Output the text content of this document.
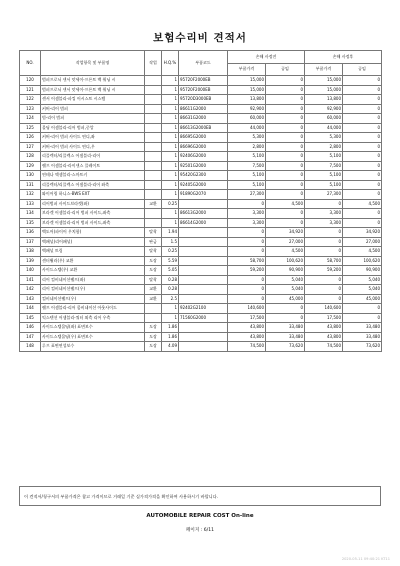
보험수리비 견적서
NO.	작업항목 및 부품명	작업	H.Q.%	부품코드	손해 사정전		손해 사정후	
					부품가격	공임	부품가격	공임
120	범퍼프로닉 센서 앗세이-프론트 백 워닝 시		1	95720F2000EB	15,000	0	15,000	0
121	범퍼프로닉 센서 앗세이-프론트 백 워닝 시		1	95720F2000EB	15,000	0	15,000	0
122	센서 어셈블리-파킹 어시스트 시스템		1	95720D3000EB	13,800	0	13,800	0
123	커버-리어 범퍼		1	86611G2000	92,900	0	92,900	0
124	빔-리어 범퍼		1	86631G2000	60,000	0	60,000	0
125	몰딩 어셈블리-리어 범퍼,중앙		1	86613G2000EB	44,000	0	44,000	0
126	커버-리어 범퍼 사이드 연디,좌		1	86695G2000	5,300	0	5,300	0
127	커버-리어 범퍼 사이드 연디,우		1	86696G2000	2,800	0	2,800	0
128	리플렉터/리플렉스 어셈블리-리어		1	92406G2000	5,100	0	5,100	0
129	램프 어셈블리-라이센스 플레이트		1	92501G2000	7,500	0	7,500	0
130	연테나 액셈블리-스마트키		1	95420G2300	5,100	0	5,100	0
131	리플렉터/리플렉스 어셈블리-리어 좌측		1	92405G2000	5,100	0	5,100	0
132	와이어링 하니스-BWS EXT		1	91890G2070	27,300	0	27,300	0
133	리어범퍼 사이드브라켓(좌)	교환	0.25		0	4,500	0	4,500
134	브라켓 어셈블리-리어 범퍼 사이드,좌측		1	86613G2000	3,300	0	3,300	0
135	브라켓 어셈블리-리어 범퍼 사이드,좌측		1	86614G2000	3,300	0	3,300	0
136	백도어(파이어 우치함)	탈착	1.94		0	34,920	0	34,920
137	백패널(리어패널)	판금	1.5		0	27,000	0	27,000
138	백패널 트림	탈착	0.25		0	4,500	0	4,500
139	센터휠러(우) 교환	도장	5.59		58,700	100,620	58,700	100,620
140	사이드스텝(우) 교환	도장	5.05		59,200	90,900	59,200	90,900
141	리어 컴비네이션램프(좌)	탈착	0.28		0	5,040	0	5,040
142	리어 컴비네이션램프(우)	교환	0.28		0	5,040	0	5,040
143	컴비네이션램프(우)	교환	2.5		0	45,000	0	45,000
144	램프 어셈블리-리어 콤비네이션 아웃사이드		1	92402G2100	140,600	0	140,600	0
145	익스텐션 어셈블리-쿼터 외측 리어 우측		1	71560G2000	17,500	0	17,500	0
146	사이드스텝몰딩(좌) 표면보수	도장	1.86		43,800	33,480	43,800	33,480
147	사이드스텝몰딩(우) 표면보수	도장	1.86		43,800	33,480	43,800	33,480
148	루프 표면연성보수	도장	4.09		74,500	73,620	74,500	73,620
이 견적서/청구서의 부품가격은 참고 가격이므로 거래일 기준 실가격가격을 확인하여 사용하시기 바랍니다.
AUTOMOBILE REPAIR COST On-line
페이지 : 6/11
2020-05-11 09:40:21 KT11
